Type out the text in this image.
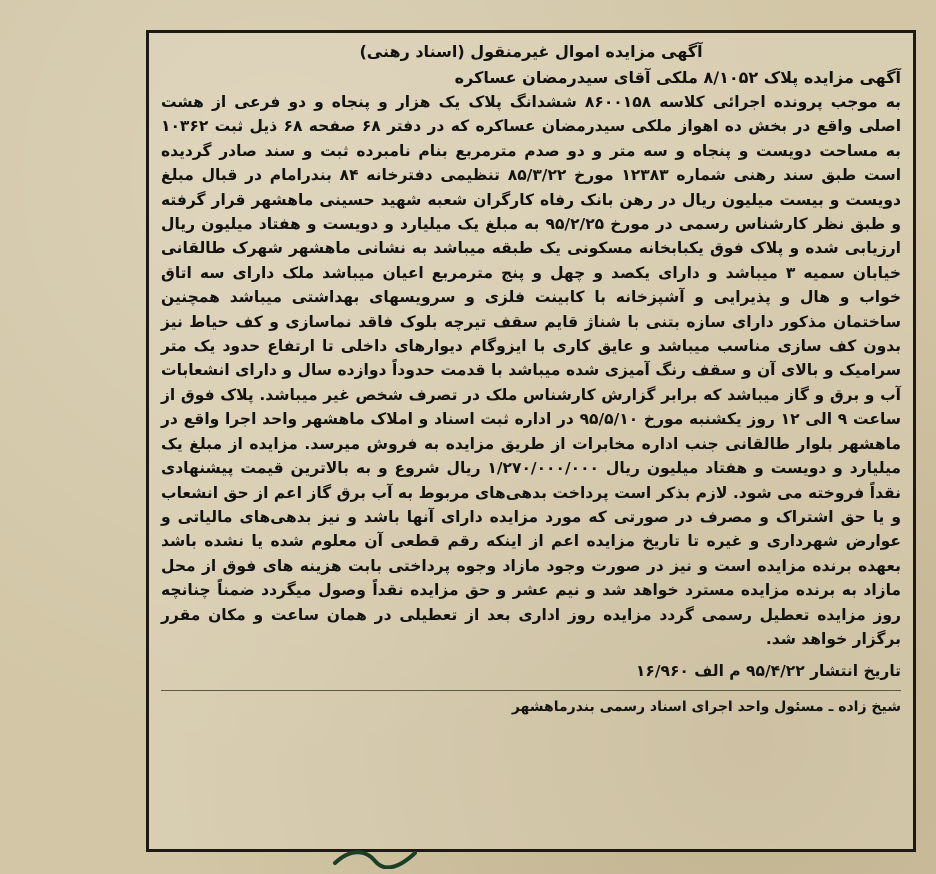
آگهی مزایده اموال غیرمنقول (اسناد رهنی)

آگهی مزایده پلاک ۸/۱۰۵۲ ملکی آقای سیدرمضان عساکره

به موجب پرونده اجرائی کلاسه ۸۶۰۰۱۵۸ ششدانگ پلاک یک هزار و پنجاه و دو فرعی از هشت اصلی واقع در بخش ده اهواز ملکی سیدرمضان عساکره که در دفتر ۶۸ صفحه ۶۸ ذیل ثبت ۱۰۳۶۲ به مساحت دویست و پنجاه و سه متر و دو صدم مترمربع بنام نامبرده ثبت و سند صادر گردیده است طبق سند رهنی شماره ۱۲۳۸۳ مورخ ۸۵/۳/۲۲ تنظیمی دفترخانه ۸۴ بندرامام در قبال مبلغ دویست و بیست میلیون ریال در رهن بانک رفاه کارگران شعبه شهید حسینی ماهشهر قرار گرفته و طبق نظر کارشناس رسمی در مورخ ۹۵/۲/۲۵ به مبلغ یک میلیارد و دویست و هفتاد میلیون ریال ارزیابی شده و پلاک فوق یکبابخانه مسکونی یک طبقه میباشد به نشانی ماهشهر شهرک طالقانی خیابان سمیه ۳ میباشد و دارای یکصد و چهل و پنج مترمربع اعیان میباشد ملک دارای سه اتاق خواب و هال و پذیرایی و آشپزخانه با کابینت فلزی و سرویسهای بهداشتی میباشد همچنین ساختمان مذکور دارای سازه بتنی با شناژ قایم سقف تیرچه بلوک فاقد نماسازی و کف حیاط نیز بدون کف سازی مناسب میباشد و عایق کاری با ایزوگام دیوارهای داخلی تا ارتفاع حدود یک متر سرامیک و بالای آن و سقف رنگ آمیزی شده میباشد با قدمت حدوداً دوازده سال و دارای انشعابات آب و برق و گاز میباشد که برابر گزارش کارشناس ملک در تصرف شخص غیر میباشد. پلاک فوق از ساعت ۹ الی ۱۲ روز یکشنبه مورخ ۹۵/۵/۱۰ در اداره ثبت اسناد و املاک ماهشهر واحد اجرا واقع در ماهشهر بلوار طالقانی جنب اداره مخابرات از طریق مزایده به فروش میرسد. مزایده از مبلغ یک میلیارد و دویست و هفتاد میلیون ریال ۱/۲۷۰/۰۰۰/۰۰۰ ریال شروع و به بالاترین قیمت پیشنهادی نقداً فروخته می شود. لازم بذکر است پرداخت بدهی‌های مربوط به آب برق گاز اعم از حق انشعاب و یا حق اشتراک و مصرف در صورتی که مورد مزایده دارای آنها باشد و نیز بدهی‌های مالیاتی و عوارض شهرداری و غیره تا تاریخ مزایده اعم از اینکه رقم قطعی آن معلوم شده یا نشده باشد بعهده برنده مزایده است و نیز در صورت وجود مازاد وجوه پرداختی بابت هزینه های فوق از محل مازاد به برنده مزایده مسترد خواهد شد و نیم عشر و حق مزایده نقداً وصول میگردد ضمناً چنانچه روز مزایده تعطیل رسمی گردد مزایده روز اداری بعد از تعطیلی در همان ساعت و مکان مقرر برگزار خواهد شد.

تاریخ انتشار ۹۵/۴/۲۲ م الف ۱۶/۹۶۰

شیخ زاده ـ مسئول واحد اجرای اسناد رسمی بندرماهشهر
